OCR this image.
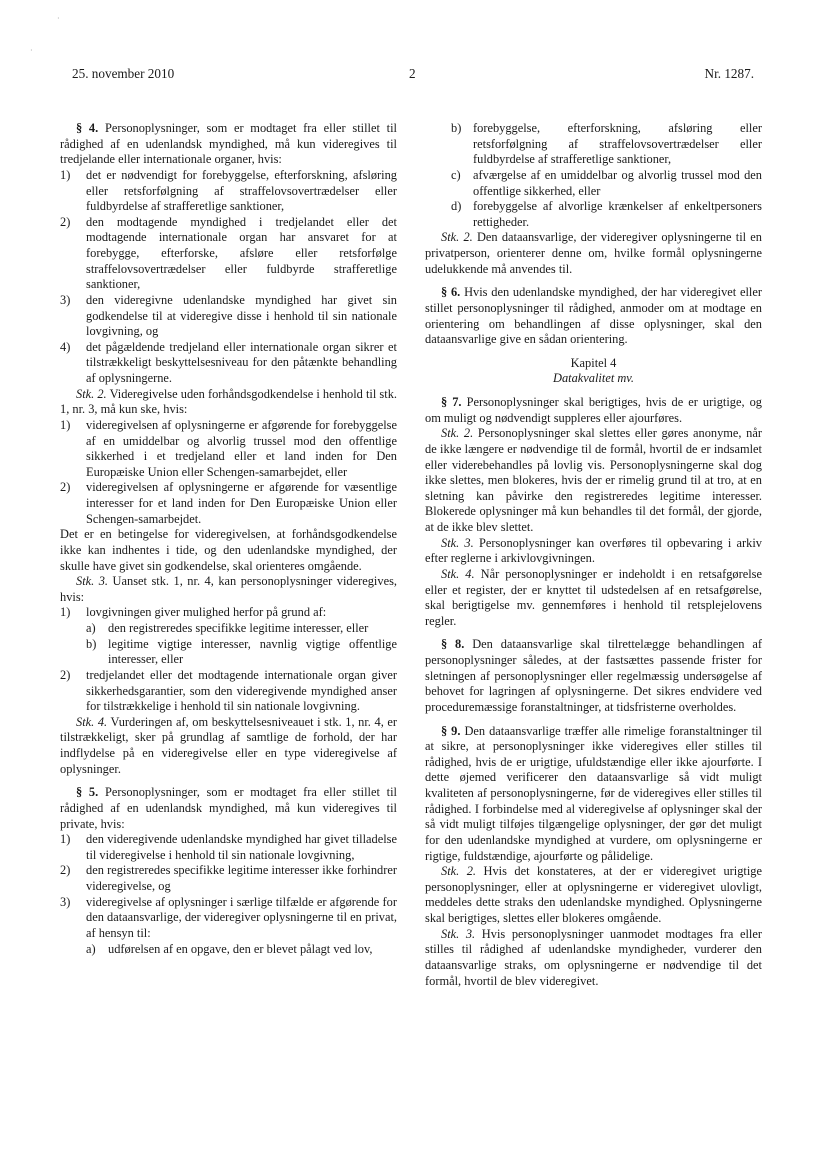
·
·
25. november 2010	2	Nr. 1287.

§ 4. Personoplysninger, som er modtaget fra eller stillet til rådighed af en udenlandsk myndighed, må kun videregives til tredjelande eller internationale organer, hvis:

1)	det er nødvendigt for forebyggelse, efterforskning, afsløring eller retsforfølgning af straffelovsovertrædelser eller fuldbyrdelse af strafferetlige sanktioner,
2)	den modtagende myndighed i tredjelandet eller det modtagende internationale organ har ansvaret for at forebygge, efterforske, afsløre eller retsforfølge straffelovsovertrædelser eller fuldbyrde strafferetlige sanktioner,
3)	den videregivne udenlandske myndighed har givet sin godkendelse til at videregive disse i henhold til sin nationale lovgivning, og
4)	det pågældende tredjeland eller internationale organ sikrer et tilstrækkeligt beskyttelsesniveau for den påtænkte behandling af oplysningerne.

Stk. 2. Videregivelse uden forhåndsgodkendelse i henhold til stk. 1, nr. 3, må kun ske, hvis:

1)	videregivelsen af oplysningerne er afgørende for forebyggelse af en umiddelbar og alvorlig trussel mod den offentlige sikkerhed i et tredjeland eller et land inden for Den Europæiske Union eller Schengen-samarbejdet, eller
2)	videregivelsen af oplysningerne er afgørende for væsentlige interesser for et land inden for Den Europæiske Union eller Schengen-samarbejdet.

Det er en betingelse for videregivelsen, at forhåndsgodkendelse ikke kan indhentes i tide, og den udenlandske myndighed, der skulle have givet sin godkendelse, skal orienteres omgående.

Stk. 3. Uanset stk. 1, nr. 4, kan personoplysninger videregives, hvis:

1)	lovgivningen giver mulighed herfor på grund af:
a) den registreredes specifikke legitime interesser, eller
b) legitime vigtige interesser, navnlig vigtige offentlige interesser, eller
2)	tredjelandet eller det modtagende internationale organ giver sikkerhedsgarantier, som den videregivende myndighed anser for tilstrækkelige i henhold til sin nationale lovgivning.

Stk. 4. Vurderingen af, om beskyttelsesniveauet i stk. 1, nr. 4, er tilstrækkeligt, sker på grundlag af samtlige de forhold, der har indflydelse på en videregivelse eller en type videregivelse af oplysninger.

§ 5. Personoplysninger, som er modtaget fra eller stillet til rådighed af en udenlandsk myndighed, må kun videregives til private, hvis:

1)	den videregivende udenlandske myndighed har givet tilladelse til videregivelse i henhold til sin nationale lovgivning,
2)	den registreredes specifikke legitime interesser ikke forhindrer videregivelse, og
3)	videregivelse af oplysninger i særlige tilfælde er afgørende for den dataansvarlige, der videregiver oplysningerne til en privat, af hensyn til:
a) udførelsen af en opgave, den er blevet pålagt ved lov,
b) forebyggelse, efterforskning, afsløring eller retsforfølgning af straffelovsovertrædelser eller fuldbyrdelse af strafferetlige sanktioner,
c) afværgelse af en umiddelbar og alvorlig trussel mod den offentlige sikkerhed, eller
d) forebyggelse af alvorlige krænkelser af enkeltpersoners rettigheder.

Stk. 2. Den dataansvarlige, der videregiver oplysningerne til en privatperson, orienterer denne om, hvilke formål oplysningerne udelukkende må anvendes til.

§ 6. Hvis den udenlandske myndighed, der har videregivet eller stillet personoplysninger til rådighed, anmoder om at modtage en orientering om behandlingen af disse oplysninger, skal den dataansvarlige give en sådan orientering.

Kapitel 4

Datakvalitet mv.

§ 7. Personoplysninger skal berigtiges, hvis de er urigtige, og om muligt og nødvendigt suppleres eller ajourføres.

Stk. 2. Personoplysninger skal slettes eller gøres anonyme, når de ikke længere er nødvendige til de formål, hvortil de er indsamlet eller viderebehandles på lovlig vis. Personoplysningerne skal dog ikke slettes, men blokeres, hvis der er rimelig grund til at tro, at en sletning kan påvirke den registreredes legitime interesser. Blokerede oplysninger må kun behandles til det formål, der gjorde, at de ikke blev slettet.

Stk. 3. Personoplysninger kan overføres til opbevaring i arkiv efter reglerne i arkivlovgivningen.

Stk. 4. Når personoplysninger er indeholdt i en retsafgørelse eller et register, der er knyttet til udstedelsen af en retsafgørelse, skal berigtigelse mv. gennemføres i henhold til retsplejelovens regler.

§ 8. Den dataansvarlige skal tilrettelægge behandlingen af personoplysninger således, at der fastsættes passende frister for sletningen af personoplysninger eller regelmæssig undersøgelse af behovet for lagringen af oplysningerne. Det sikres endvidere ved proceduremæssige foranstaltninger, at tidsfristerne overholdes.

§ 9. Den dataansvarlige træffer alle rimelige foranstaltninger til at sikre, at personoplysninger ikke videregives eller stilles til rådighed, hvis de er urigtige, ufuldstændige eller ikke ajourførte. I dette øjemed verificerer den dataansvarlige så vidt muligt kvaliteten af personoplysningerne, før de videregives eller stilles til rådighed. I forbindelse med al videregivelse af oplysninger skal der så vidt muligt tilføjes tilgængelige oplysninger, der gør det muligt for den udenlandske myndighed at vurdere, om oplysningerne er rigtige, fuldstændige, ajourførte og pålidelige.

Stk. 2. Hvis det konstateres, at der er videregivet urigtige personoplysninger, eller at oplysningerne er videregivet ulovligt, meddeles dette straks den udenlandske myndighed. Oplysningerne skal berigtiges, slettes eller blokeres omgående.

Stk. 3. Hvis personoplysninger uanmodet modtages fra eller stilles til rådighed af udenlandske myndigheder, vurderer den dataansvarlige straks, om oplysningerne er nødvendige til det formål, hvortil de blev videregivet.
